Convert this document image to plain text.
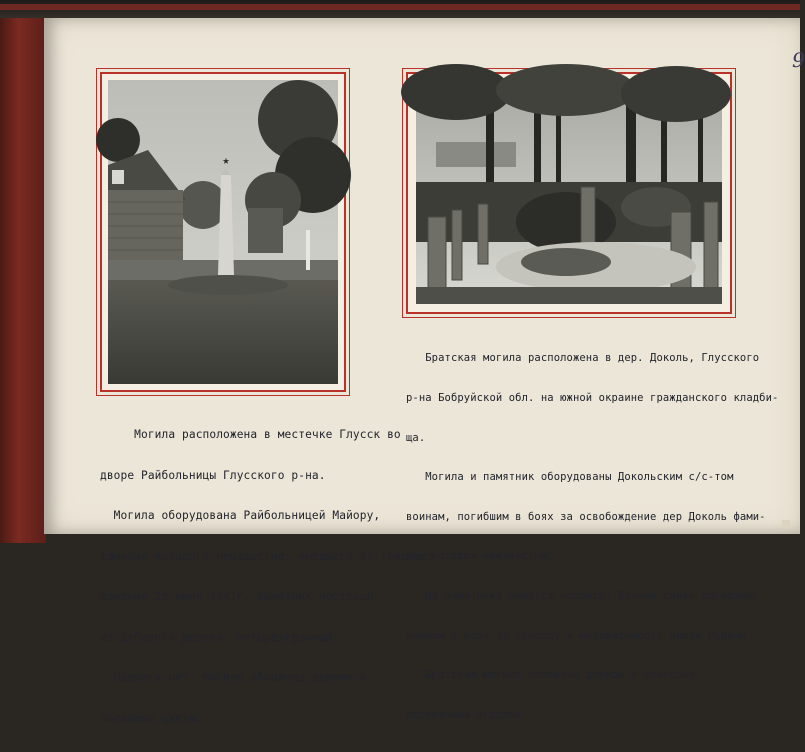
9
★

Могила расположена в местечке Глусск во

дворе Райбольницы Глусского р-на.

Могила оборудована Райбольницей Майору,

фамилия которого неизвестна, умершего от тяжелого

ранения 25 июня 1941г. памятник построен

из дубового дерева, четырехгранный.

Надписи нет. Могила обложена дерном и

посажены цветы.

Братская могила расположена в дер. Доколь, Глусского

р-на Бобруйской обл. на южной окраине гражданского кладби-

ща.

Могила и памятник оборудованы Докольским с/с-том

воинам, погибшим в боях за освобождение дер Доколь фами-

лии которых неизвестны.

На памятнике имеется надпись:"Вечная слава погибшим

воинам в боях за свободу и независимость нашей Родины."

Братская могила обложена дерном и обнесена

деревянной оградой.
